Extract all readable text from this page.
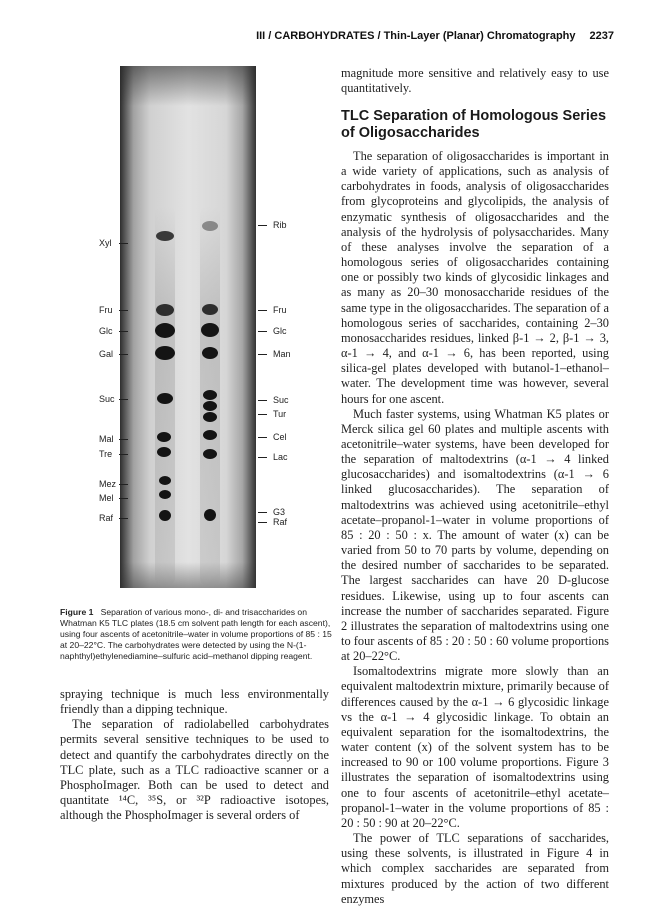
III / CARBOHYDRATES / Thin-Layer (Planar) Chromatography 2237
Xyl
Fru
Glc
Gal
Suc
Mal
Tre
Mez
Mel
Raf
Rib
Fru
Glc
Man
Suc
Tur
Cel
Lac
G3
Raf
Figure 1 Separation of various mono-, di- and trisaccharides on Whatman K5 TLC plates (18.5 cm solvent path length for each ascent), using four ascents of acetonitrile–water in volume proportions of 85 : 15 at 20–22°C. The carbohydrates were detected by using the N-(1-naphthyl)ethylenediamine–sulfuric acid–methanol dipping reagent.

spraying technique is much less environmentally friendly than a dipping technique.

The separation of radiolabelled carbohydrates permits several sensitive techniques to be used to detect and quantify the carbohydrates directly on the TLC plate, such as a TLC radioactive scanner or a PhosphoImager. Both can be used to detect and quantitate ¹⁴C, ³⁵S, or ³²P radioactive isotopes, although the PhosphoImager is several orders of

magnitude more sensitive and relatively easy to use quantitatively.

TLC Separation of Homologous Series of Oligosaccharides

The separation of oligosaccharides is important in a wide variety of applications, such as analysis of carbohydrates in foods, analysis of oligosaccharides from glycoproteins and glycolipids, the analysis of enzymatic synthesis of oligosaccharides and the analysis of the hydrolysis of polysaccharides. Many of these analyses involve the separation of a homologous series of oligosaccharides containing one or possibly two kinds of glycosidic linkages and as many as 20–30 monosaccharide residues of the same type in the oligosaccharides. The separation of a homologous series of saccharides, containing 2–30 monosaccharides residues, linked β-1 → 2, β-1 → 3, α-1 → 4, and α-1 → 6, has been reported, using silica-gel plates developed with butanol-1–ethanol–water. The development time was however, several hours for one ascent.

Much faster systems, using Whatman K5 plates or Merck silica gel 60 plates and multiple ascents with acetonitrile–water systems, have been developed for the separation of maltodextrins (α-1 → 4 linked glucosaccharides) and isomaltodextrins (α-1 → 6 linked glucosaccharides). The separation of maltodextrins was achieved using acetonitrile–ethyl acetate–propanol-1–water in volume proportions of 85 : 20 : 50 : x. The amount of water (x) can be varied from 50 to 70 parts by volume, depending on the desired number of saccharides to be separated. The largest saccharides can have 20 D-glucose residues. Likewise, using up to four ascents can increase the number of saccharides separated. Figure 2 illustrates the separation of maltodextrins using one to four ascents of 85 : 20 : 50 : 60 volume proportions at 20–22°C.

Isomaltodextrins migrate more slowly than an equivalent maltodextrin mixture, primarily because of differences caused by the α-1 → 6 glycosidic linkage vs the α-1 → 4 glycosidic linkage. To obtain an equivalent separation for the isomaltodextrins, the water content (x) of the solvent system has to be increased to 90 or 100 volume proportions. Figure 3 illustrates the separation of isomaltodextrins using one to four ascents of acetonitrile–ethyl acetate–propanol-1–water in the volume proportions of 85 : 20 : 50 : 90 at 20–22°C.

The power of TLC separations of saccharides, using these solvents, is illustrated in Figure 4 in which complex saccharides are separated from mixtures produced by the action of two different enzymes
